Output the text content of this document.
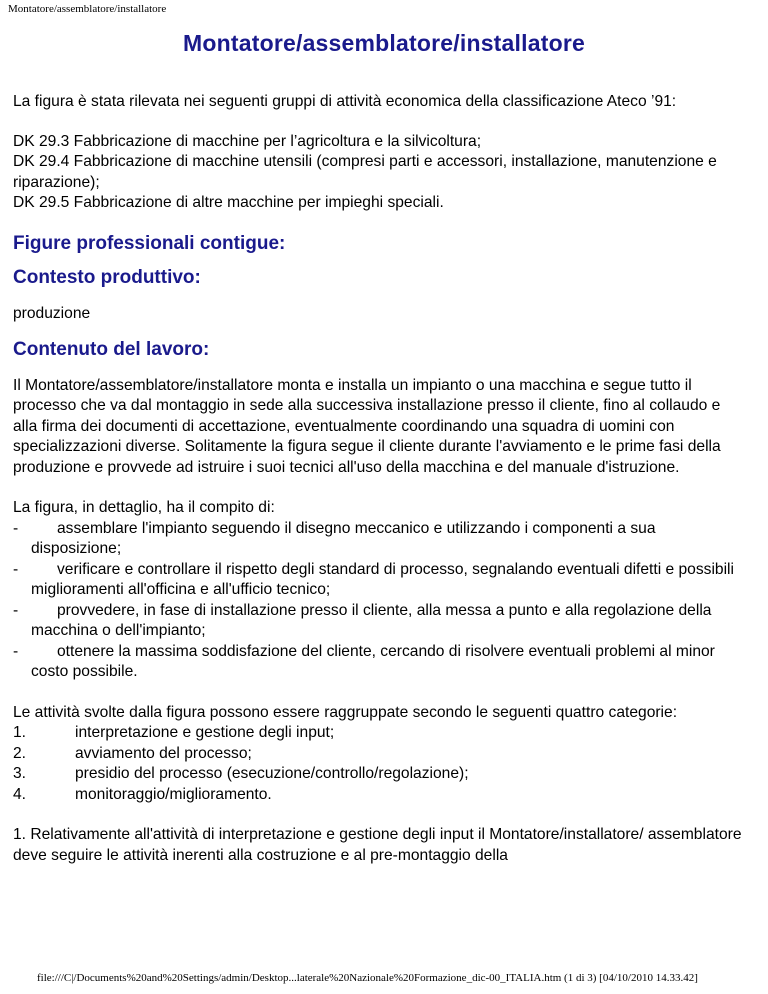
Montatore/assemblatore/installatore
Montatore/assemblatore/installatore

La figura è stata rilevata nei seguenti gruppi di attività economica della classificazione Ateco ’91:

DK 29.3 Fabbricazione di macchine per l’agricoltura e la silvicoltura;
DK 29.4 Fabbricazione di macchine utensili (compresi parti e accessori, installazione, manutenzione e riparazione);
DK 29.5 Fabbricazione di altre macchine per impieghi speciali.
Figure professionali contigue:
Contesto produttivo:

produzione

Contenuto del lavoro:

Il Montatore/assemblatore/installatore monta e installa un impianto o una macchina e segue tutto il processo che va dal montaggio in sede alla successiva installazione presso il cliente, fino al collaudo e alla firma dei documenti di accettazione, eventualmente coordinando una squadra di uomini con specializzazioni diverse. Solitamente la figura segue il cliente durante l'avviamento e le prime fasi della produzione e provvede ad istruire i suoi tecnici all'uso della macchina e del manuale d'istruzione.

La figura, in dettaglio, ha il compito di:
- assemblare l'impianto seguendo il disegno meccanico e utilizzando i componenti a sua disposizione;
- verificare e controllare il rispetto degli standard di processo, segnalando eventuali difetti e possibili miglioramenti all'officina e all'ufficio tecnico;
- provvedere, in fase di installazione presso il cliente, alla messa a punto e alla regolazione della macchina o dell'impianto;
- ottenere la massima soddisfazione del cliente, cercando di risolvere eventuali problemi al minor costo possibile.
Le attività svolte dalla figura possono essere raggruppate secondo le seguenti quattro categorie:
1.	interpretazione e gestione degli input;
2.	avviamento del processo;
3.	presidio del processo (esecuzione/controllo/regolazione);
4.	monitoraggio/miglioramento.

1. Relativamente all'attività di interpretazione e gestione degli input il Montatore/installatore/ assemblatore deve seguire le attività inerenti alla costruzione e al pre-montaggio della

file:///C|/Documents%20and%20Settings/admin/Desktop...laterale%20Nazionale%20Formazione_dic-00_ITALIA.htm (1 di 3) [04/10/2010 14.33.42]
